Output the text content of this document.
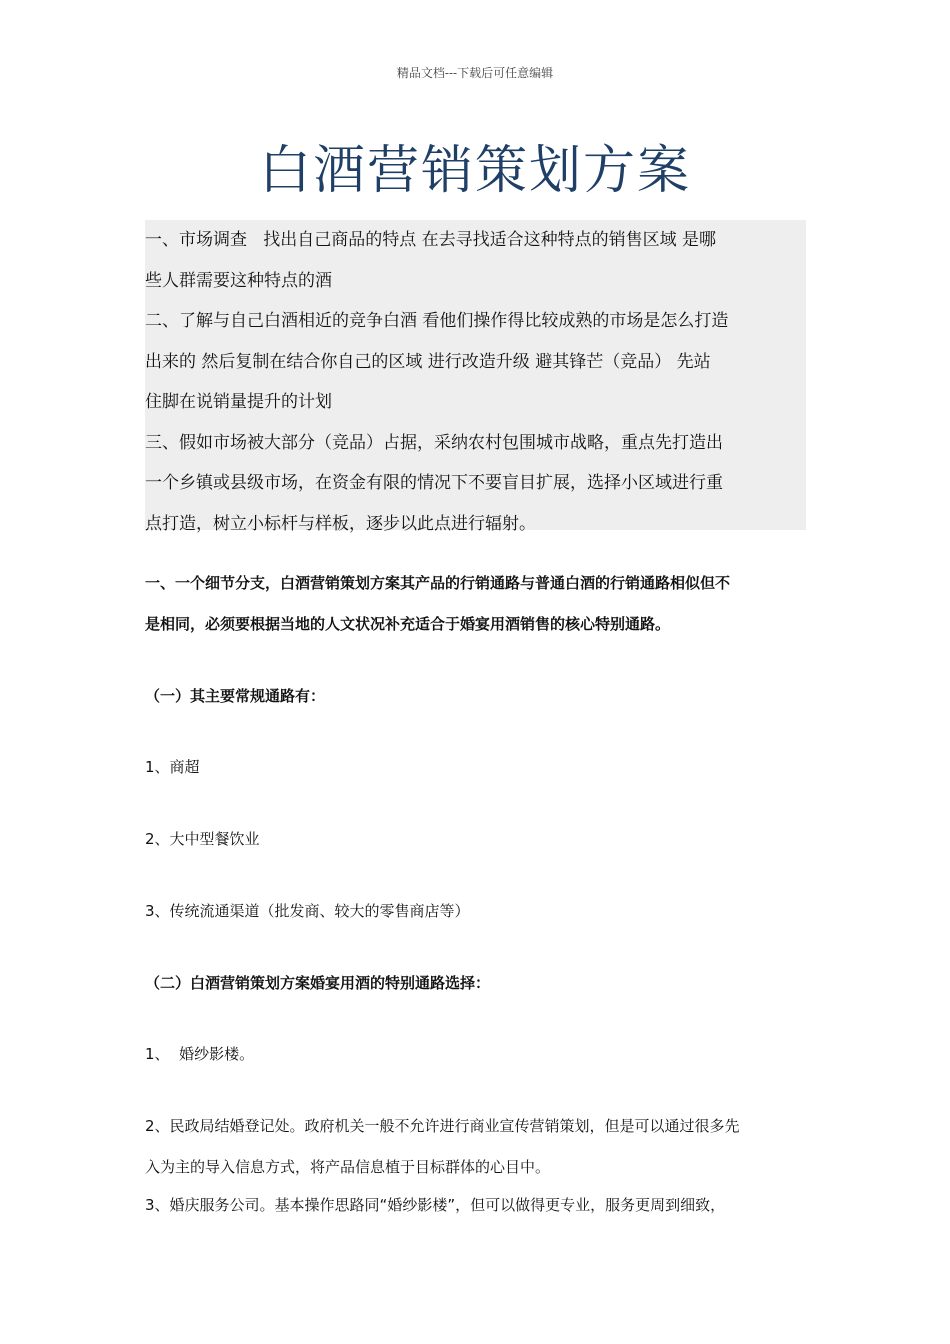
精品文档---下载后可任意编辑
白酒营销策划方案

一、市场调查   找出自己商品的特点 在去寻找适合这种特点的销售区域 是哪

些人群需要这种特点的酒

二、了解与自己白酒相近的竞争白酒 看他们操作得比较成熟的市场是怎么打造

出来的 然后复制在结合你自己的区域 进行改造升级 避其锋芒（竞品） 先站

住脚在说销量提升的计划

三、假如市场被大部分（竞品）占据，采纳农村包围城市战略，重点先打造出

一个乡镇或县级市场，在资金有限的情况下不要盲目扩展，选择小区域进行重

点打造，树立小标杆与样板，逐步以此点进行辐射。

一、一个细节分支，白酒营销策划方案其产品的行销通路与普通白酒的行销通路相似但不
是相同，必须要根据当地的人文状况补充适合于婚宴用酒销售的核心特别通路。
（一）其主要常规通路有：
1、商超
2、大中型餐饮业
3、传统流通渠道（批发商、较大的零售商店等）
（二）白酒营销策划方案婚宴用酒的特别通路选择：
1、  婚纱影楼。
2、民政局结婚登记处。政府机关一般不允许进行商业宣传营销策划，但是可以通过很多先
入为主的导入信息方式，将产品信息植于目标群体的心目中。
3、婚庆服务公司。基本操作思路同“婚纱影楼”，但可以做得更专业，服务更周到细致，
